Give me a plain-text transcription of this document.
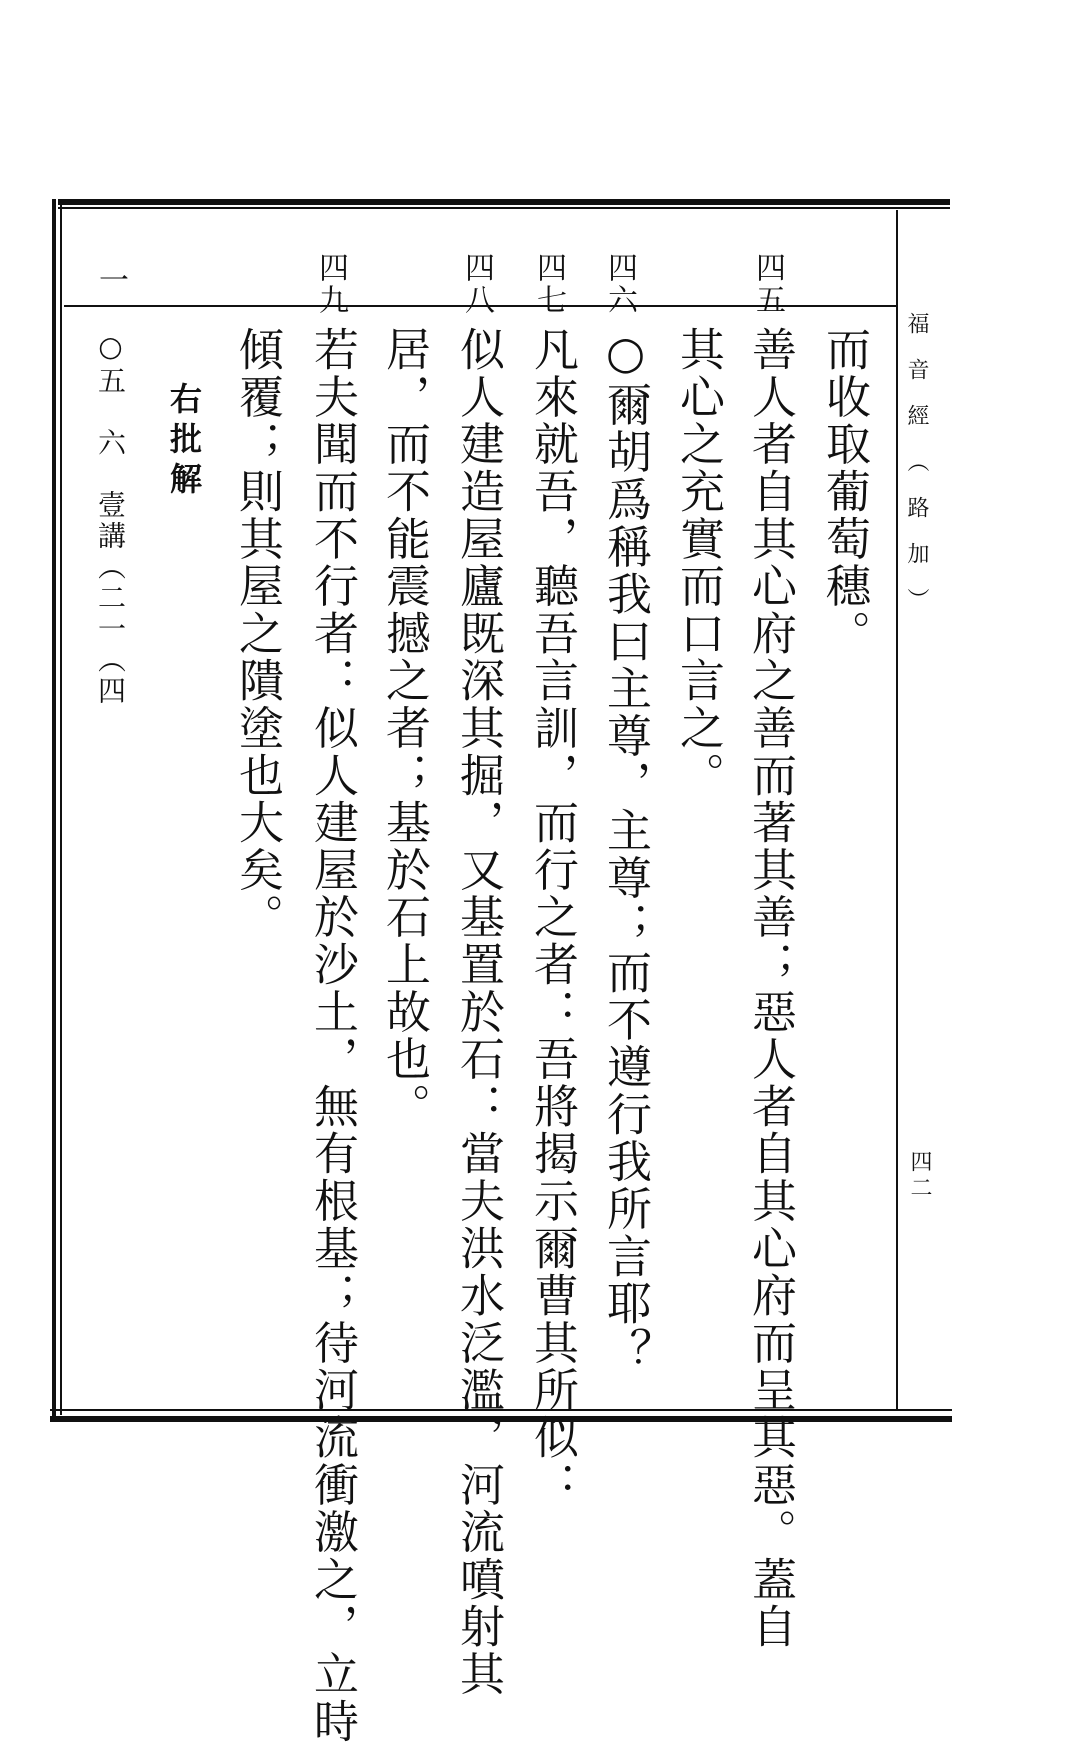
福音經（路加）
四二
四五
四六
四七
四八
四九
而收取葡萄穗。
善人者自其心府之善而著其善；惡人者自其心府而呈其惡。蓋自
其心之充實而口言之。
○爾胡爲稱我曰主尊，主尊；而不遵行我所言耶？
凡來就吾，聽吾言訓，而行之者：吾將揭示爾曹其所似：
似人建造屋廬既深其掘，又基置於石：當夫洪水泛濫，河流噴射其
居，而不能震撼之者；基於石上故也。
若夫聞而不行者：似人建屋於沙土，無有根基；待河流衝激之，立時
傾覆；則其屋之隤塗也大矣。
右批解
一
○五　六　壹講（二一（四
